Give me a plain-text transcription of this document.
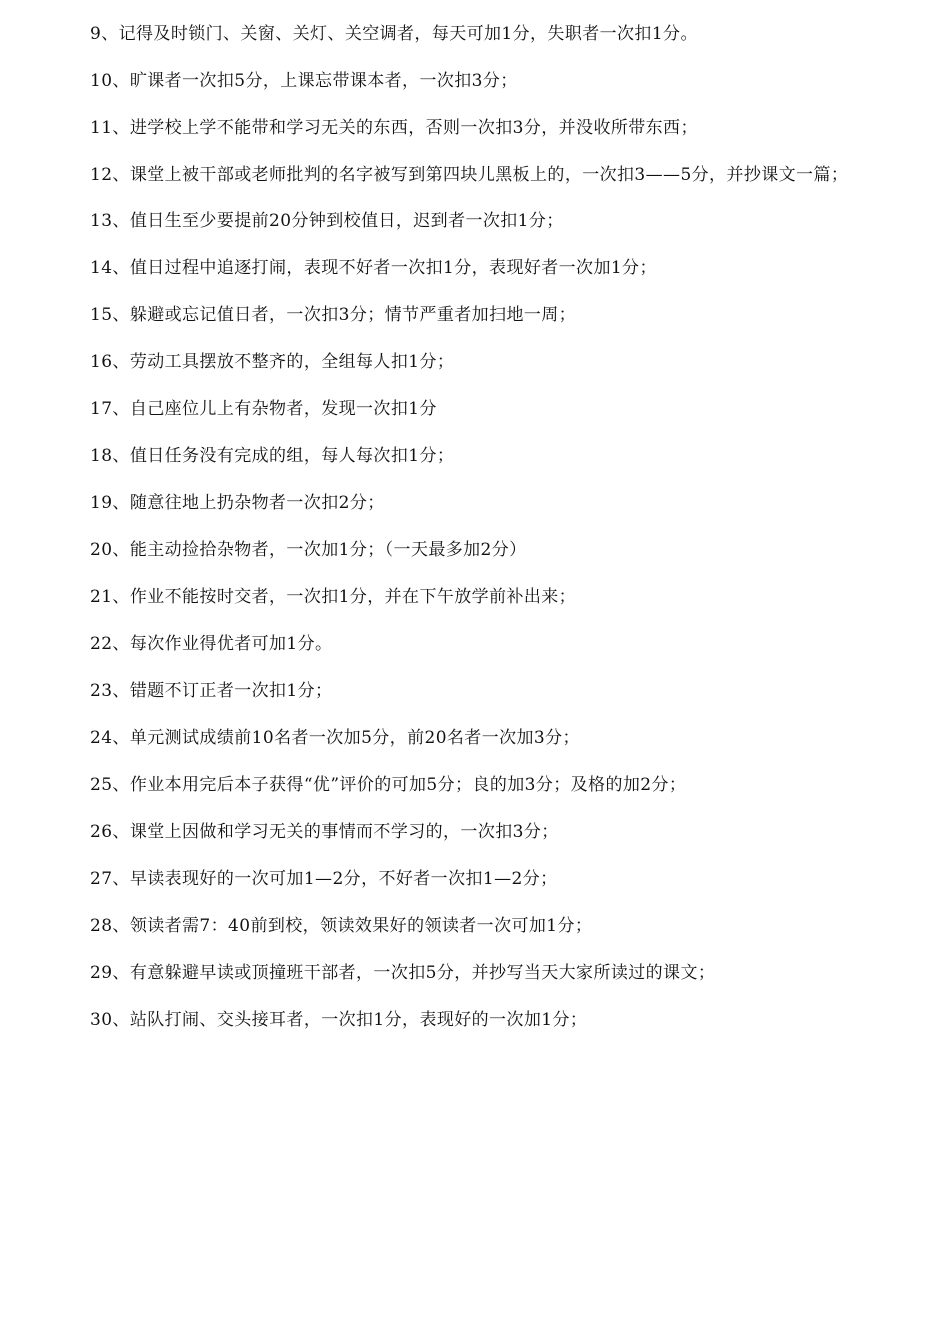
9、记得及时锁门、关窗、关灯、关空调者，每天可加1分，失职者一次扣1分。

10、旷课者一次扣5分，上课忘带课本者，一次扣3分；

11、进学校上学不能带和学习无关的东西，否则一次扣3分，并没收所带东西；

12、课堂上被干部或老师批判的名字被写到第四块儿黑板上的，一次扣3——5分，并抄课文一篇；

13、值日生至少要提前20分钟到校值日，迟到者一次扣1分；

14、值日过程中追逐打闹，表现不好者一次扣1分，表现好者一次加1分；

15、躲避或忘记值日者，一次扣3分；情节严重者加扫地一周；

16、劳动工具摆放不整齐的，全组每人扣1分；

17、自己座位儿上有杂物者，发现一次扣1分

18、值日任务没有完成的组，每人每次扣1分；

19、随意往地上扔杂物者一次扣2分；

20、能主动捡拾杂物者，一次加1分；（一天最多加2分）

21、作业不能按时交者，一次扣1分，并在下午放学前补出来；

22、每次作业得优者可加1分。

23、错题不订正者一次扣1分；

24、单元测试成绩前10名者一次加5分，前20名者一次加3分；

25、作业本用完后本子获得“优”评价的可加5分；良的加3分；及格的加2分；

26、课堂上因做和学习无关的事情而不学习的，一次扣3分；

27、早读表现好的一次可加1—2分，不好者一次扣1—2分；

28、领读者需7：40前到校，领读效果好的领读者一次可加1分；

29、有意躲避早读或顶撞班干部者，一次扣5分，并抄写当天大家所读过的课文；

30、站队打闹、交头接耳者，一次扣1分，表现好的一次加1分；
